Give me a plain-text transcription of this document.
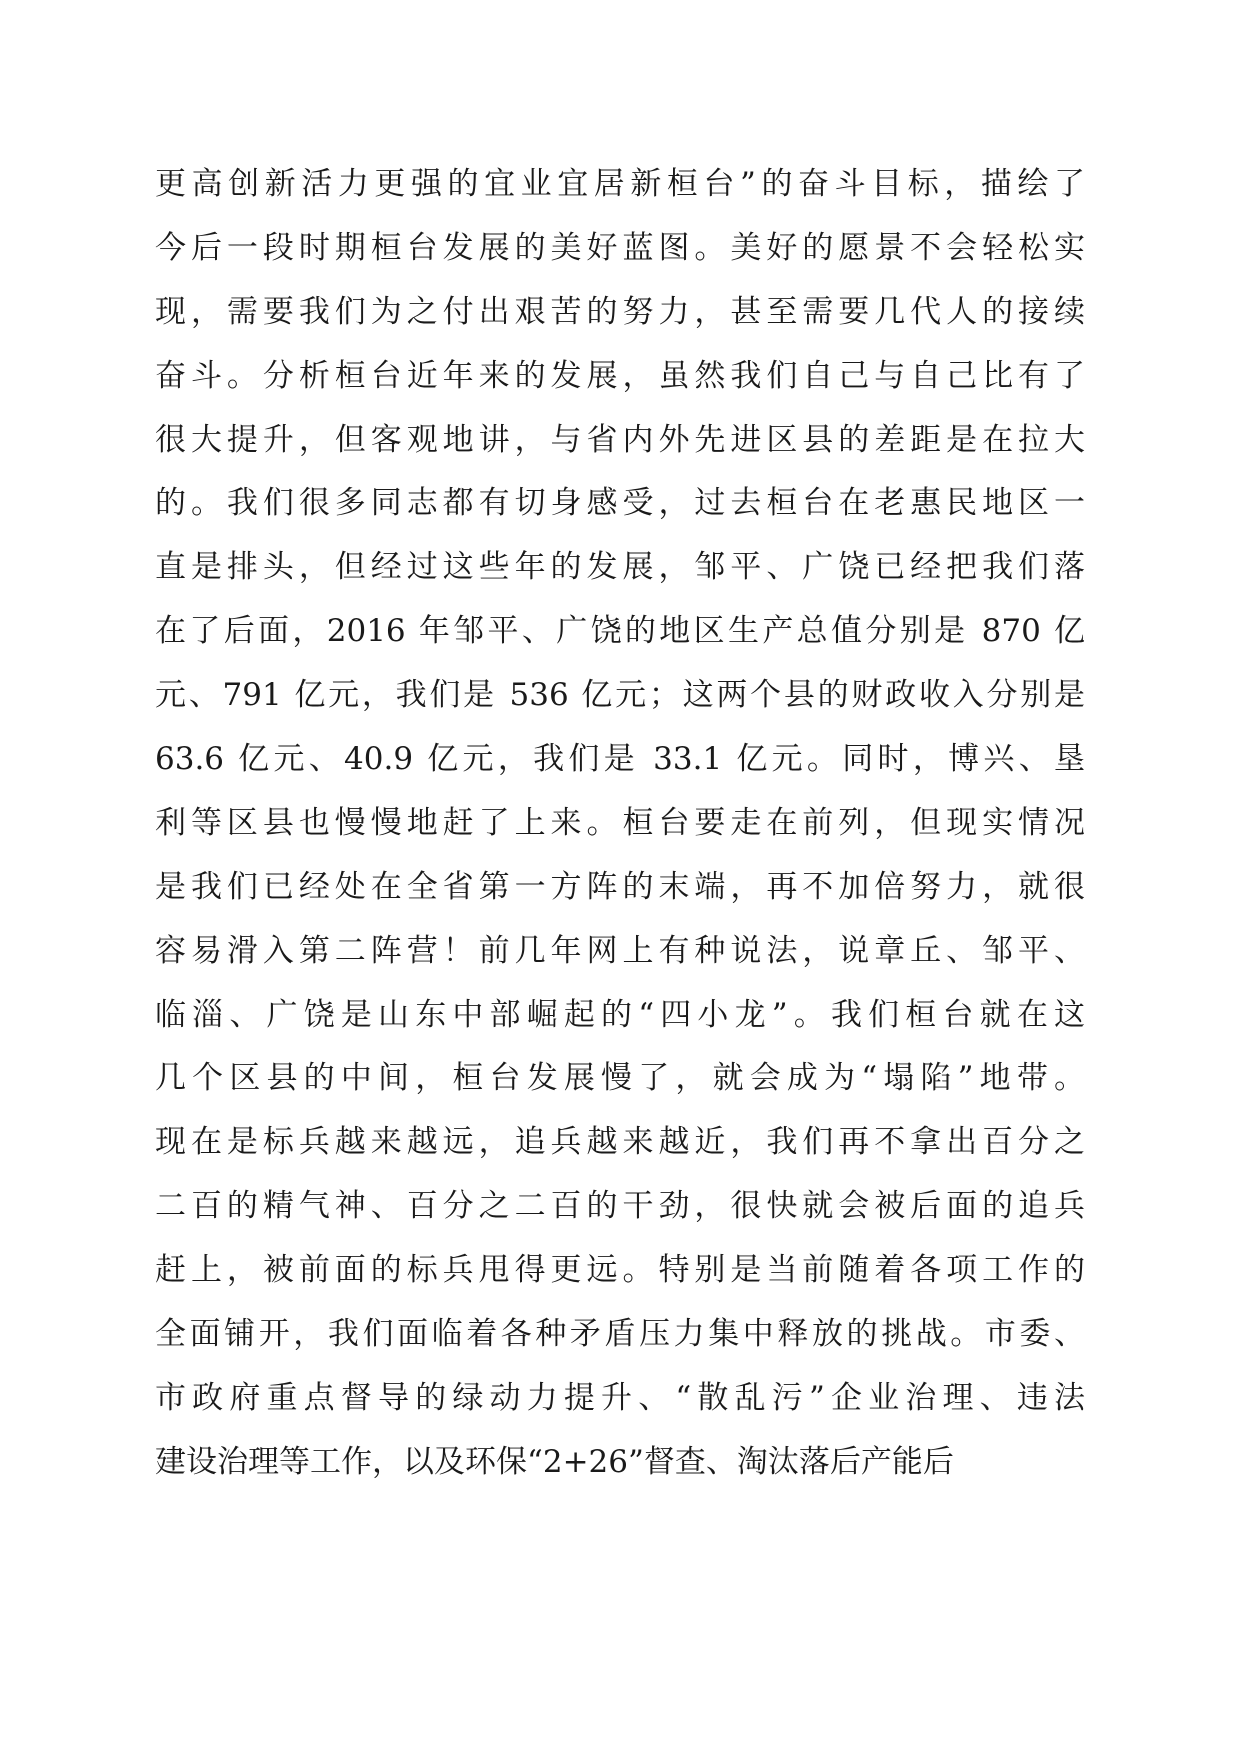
更高创新活力更强的宜业宜居新桓台”的奋斗目标，描绘了
今后一段时期桓台发展的美好蓝图。美好的愿景不会轻松实
现，需要我们为之付出艰苦的努力，甚至需要几代人的接续
奋斗。分析桓台近年来的发展，虽然我们自己与自己比有了
很大提升，但客观地讲，与省内外先进区县的差距是在拉大
的。我们很多同志都有切身感受，过去桓台在老惠民地区一
直是排头，但经过这些年的发展，邹平、广饶已经把我们落
在了后面，2016 年邹平、广饶的地区生产总值分别是 870 亿
元、791 亿元，我们是 536 亿元；这两个县的财政收入分别是
63.6 亿元、40.9 亿元，我们是 33.1 亿元。同时，博兴、垦
利等区县也慢慢地赶了上来。桓台要走在前列，但现实情况
是我们已经处在全省第一方阵的末端，再不加倍努力，就很
容易滑入第二阵营！前几年网上有种说法，说章丘、邹平、
临淄、广饶是山东中部崛起的“四小龙”。我们桓台就在这
几个区县的中间，桓台发展慢了，就会成为“塌陷”地带。
现在是标兵越来越远，追兵越来越近，我们再不拿出百分之
二百的精气神、百分之二百的干劲，很快就会被后面的追兵
赶上，被前面的标兵甩得更远。特别是当前随着各项工作的
全面铺开，我们面临着各种矛盾压力集中释放的挑战。市委、
市政府重点督导的绿动力提升、“散乱污”企业治理、违法
建设治理等工作，以及环保“2+26”督查、淘汰落后产能后
